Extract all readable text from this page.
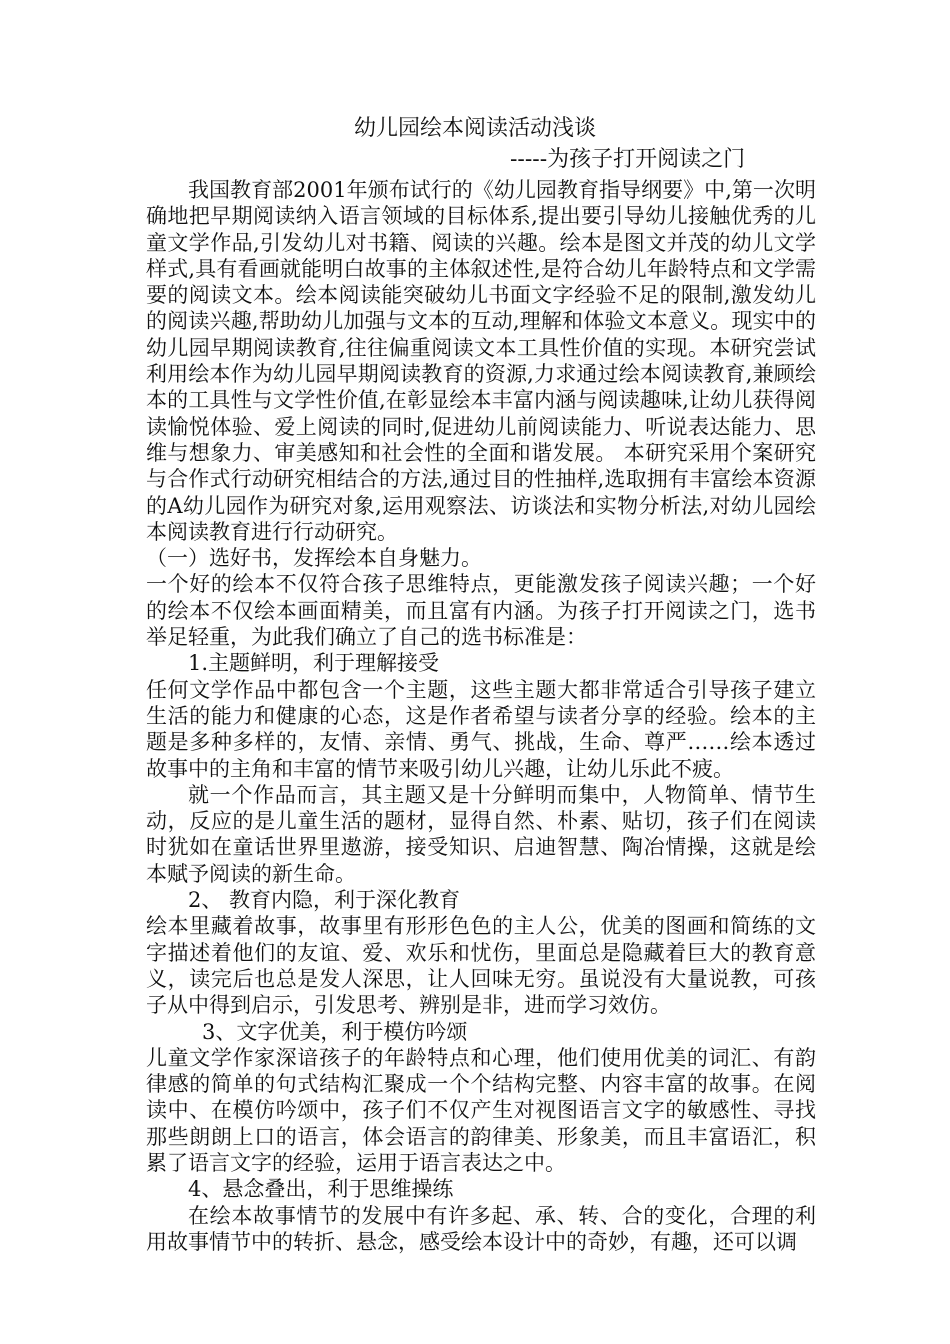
幼儿园绘本阅读活动浅谈
-----为孩子打开阅读之门

我国教育部2001年颁布试行的《幼儿园教育指导纲要》中,第一次明确地把早期阅读纳入语言领域的目标体系,提出要引导幼儿接触优秀的儿童文学作品,引发幼儿对书籍、阅读的兴趣。绘本是图文并茂的幼儿文学样式,具有看画就能明白故事的主体叙述性,是符合幼儿年龄特点和文学需要的阅读文本。绘本阅读能突破幼儿书面文字经验不足的限制,激发幼儿的阅读兴趣,帮助幼儿加强与文本的互动,理解和体验文本意义。现实中的幼儿园早期阅读教育,往往偏重阅读文本工具性价值的实现。本研究尝试利用绘本作为幼儿园早期阅读教育的资源,力求通过绘本阅读教育,兼顾绘本的工具性与文学性价值,在彰显绘本丰富内涵与阅读趣味,让幼儿获得阅读愉悦体验、爱上阅读的同时,促进幼儿前阅读能力、听说表达能力、思维与想象力、审美感知和社会性的全面和谐发展。 本研究采用个案研究与合作式行动研究相结合的方法,通过目的性抽样,选取拥有丰富绘本资源的A幼儿园作为研究对象,运用观察法、访谈法和实物分析法,对幼儿园绘本阅读教育进行行动研究。

（一）选好书，发挥绘本自身魅力。

一个好的绘本不仅符合孩子思维特点，更能激发孩子阅读兴趣；一个好的绘本不仅绘本画面精美，而且富有内涵。为孩子打开阅读之门，选书举足轻重，为此我们确立了自己的选书标准是：

1.主题鲜明，利于理解接受

任何文学作品中都包含一个主题，这些主题大都非常适合引导孩子建立生活的能力和健康的心态，这是作者希望与读者分享的经验。绘本的主题是多种多样的，友情、亲情、勇气、挑战，生命、尊严……绘本透过故事中的主角和丰富的情节来吸引幼儿兴趣，让幼儿乐此不疲。

就一个作品而言，其主题又是十分鲜明而集中，人物简单、情节生动，反应的是儿童生活的题材，显得自然、朴素、贴切，孩子们在阅读时犹如在童话世界里遨游，接受知识、启迪智慧、陶冶情操，这就是绘本赋予阅读的新生命。

2、 教育内隐，利于深化教育

绘本里藏着故事，故事里有形形色色的主人公，优美的图画和简练的文字描述着他们的友谊、爱、欢乐和忧伤，里面总是隐藏着巨大的教育意义，读完后也总是发人深思，让人回味无穷。虽说没有大量说教，可孩子从中得到启示，引发思考、辨别是非，进而学习效仿。

3、文字优美，利于模仿吟颂

儿童文学作家深谙孩子的年龄特点和心理，他们使用优美的词汇、有韵律感的简单的句式结构汇聚成一个个结构完整、内容丰富的故事。在阅读中、在模仿吟颂中，孩子们不仅产生对视图语言文字的敏感性、寻找那些朗朗上口的语言，体会语言的韵律美、形象美，而且丰富语汇，积累了语言文字的经验，运用于语言表达之中。

4、悬念叠出，利于思维操练

在绘本故事情节的发展中有许多起、承、转、合的变化，合理的利用故事情节中的转折、悬念，感受绘本设计中的奇妙，有趣，还可以调
